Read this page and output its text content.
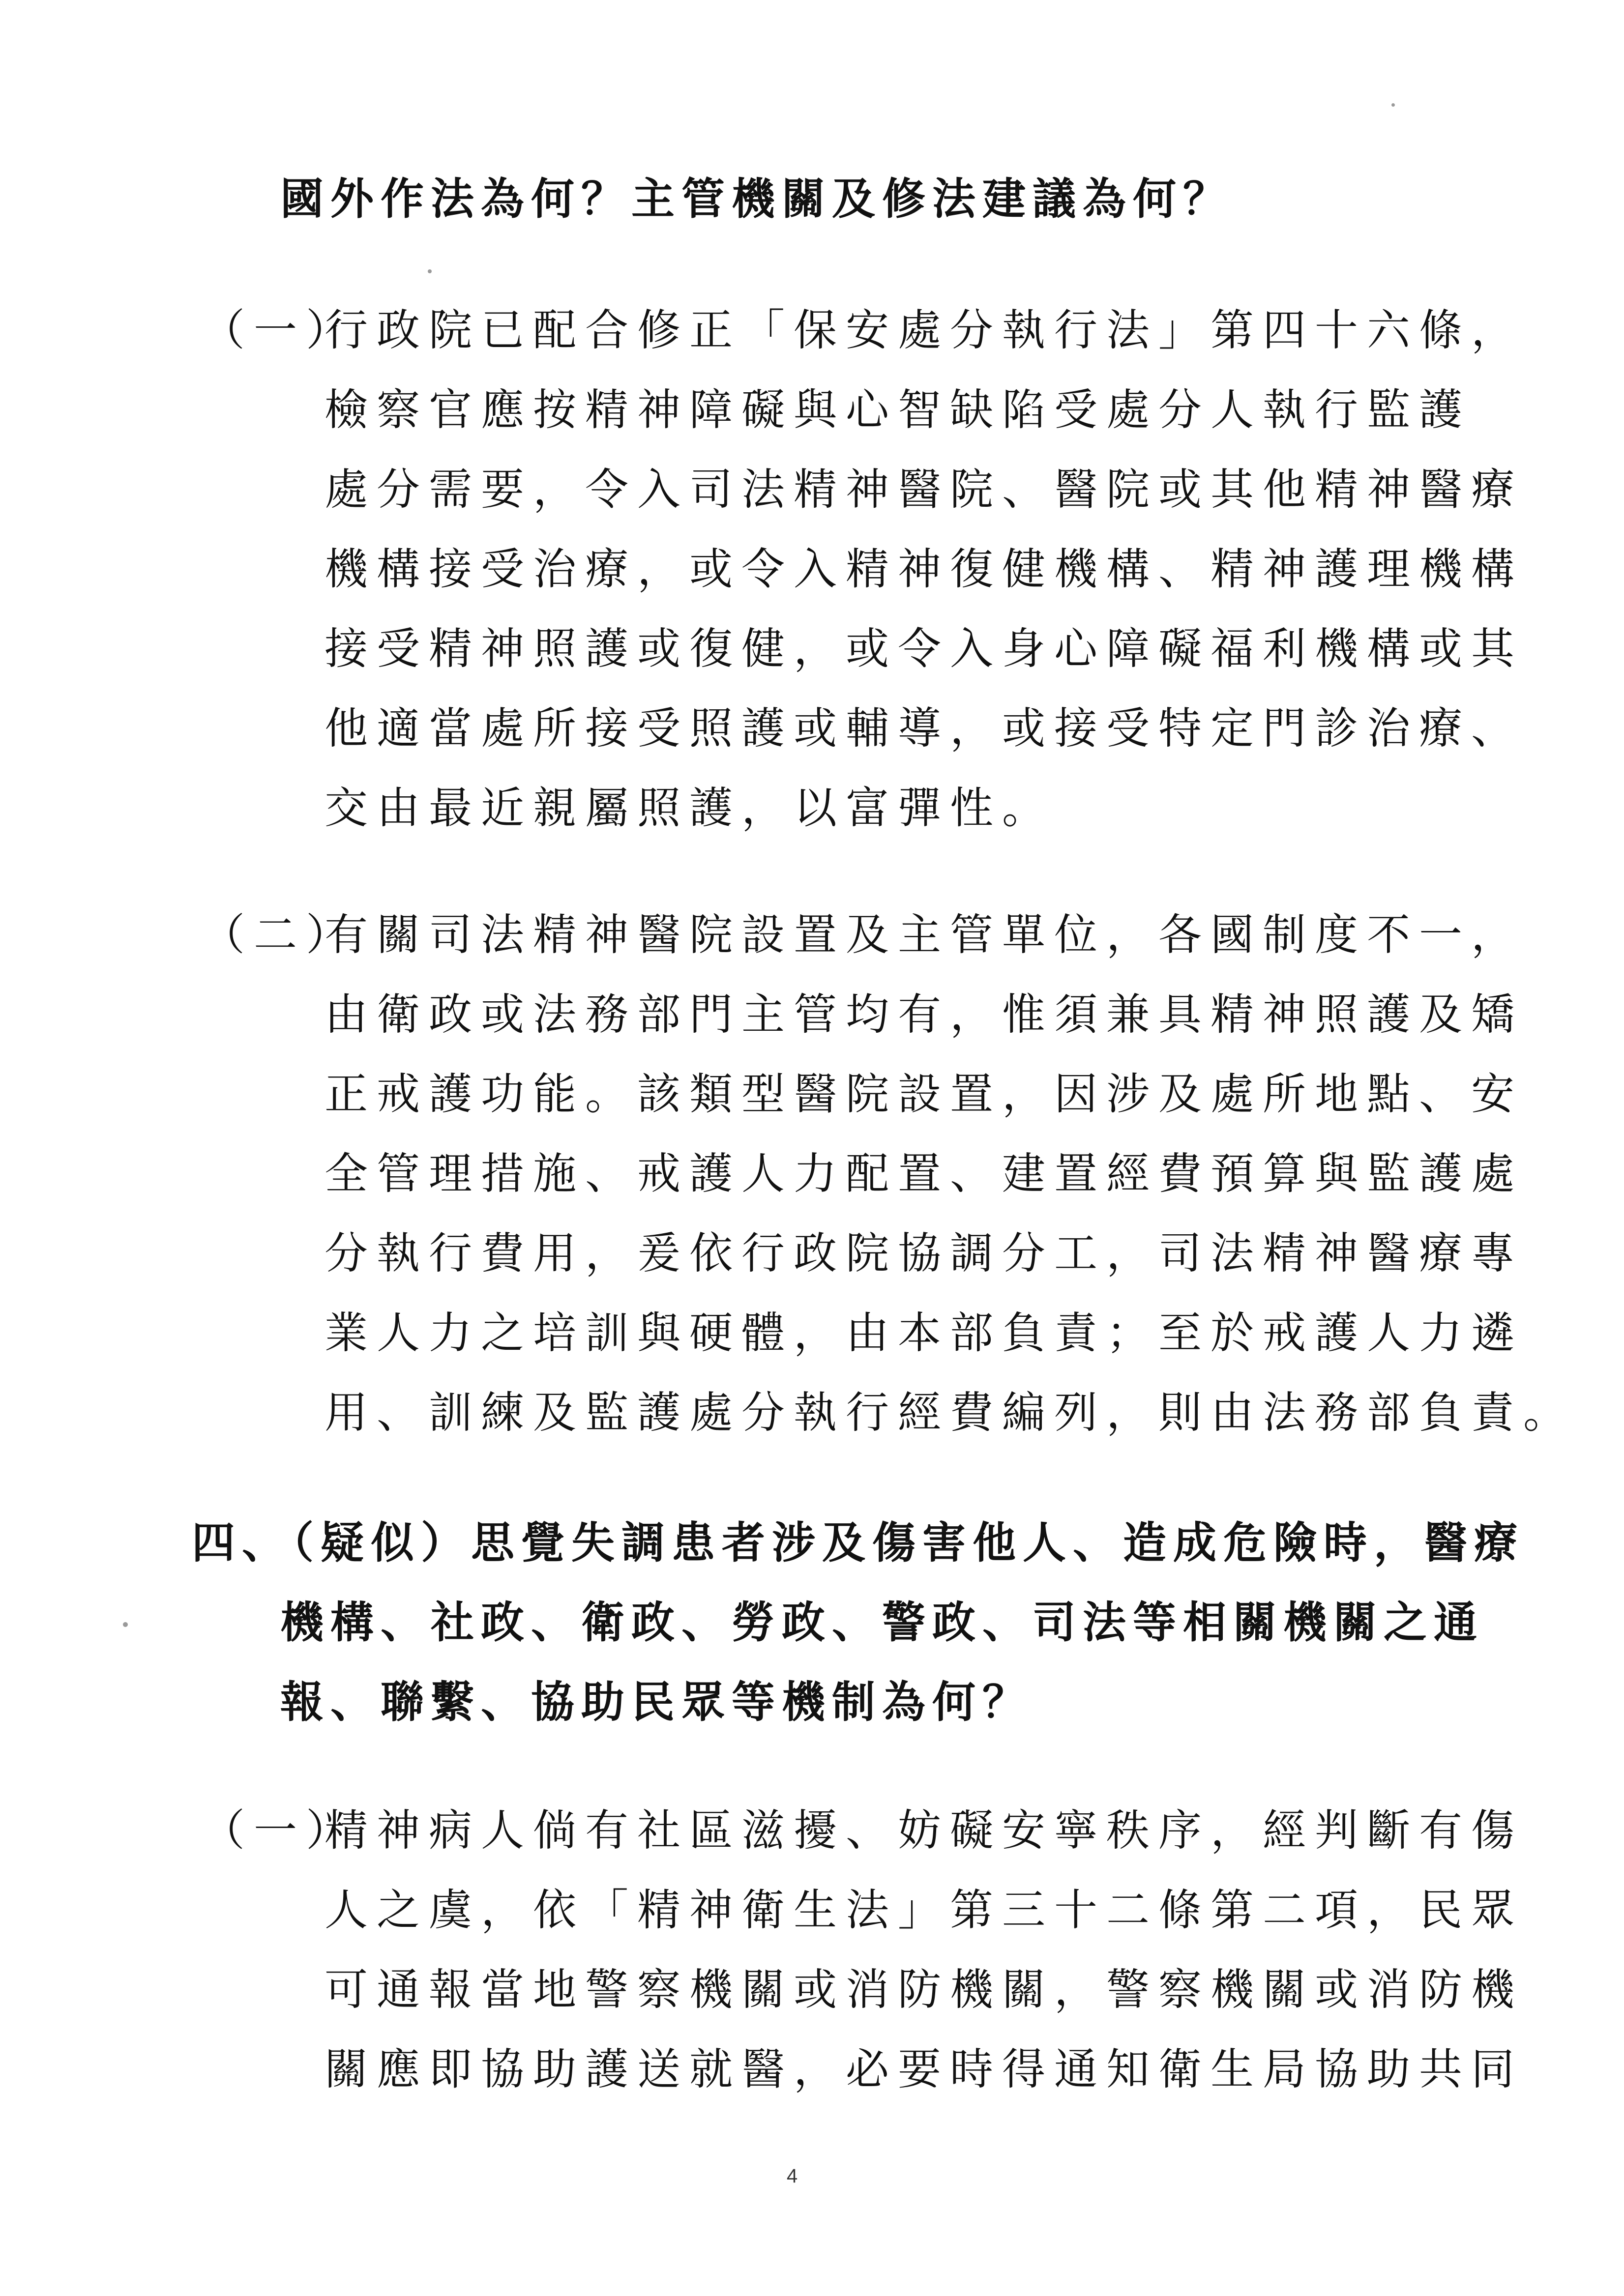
國外作法為何？主管機關及修法建議為何？
（一）
行政院已配合修正「保安處分執行法」第四十六條，
檢察官應按精神障礙與心智缺陷受處分人執行監護
處分需要，令入司法精神醫院、醫院或其他精神醫療
機構接受治療，或令入精神復健機構、精神護理機構
接受精神照護或復健，或令入身心障礙福利機構或其
他適當處所接受照護或輔導，或接受特定門診治療、
交由最近親屬照護，以富彈性。
（二）
有關司法精神醫院設置及主管單位，各國制度不一，
由衛政或法務部門主管均有，惟須兼具精神照護及矯
正戒護功能。該類型醫院設置，因涉及處所地點、安
全管理措施、戒護人力配置、建置經費預算與監護處
分執行費用，爰依行政院協調分工，司法精神醫療專
業人力之培訓與硬體，由本部負責；至於戒護人力遴
用、訓練及監護處分執行經費編列，則由法務部負責。
四、（疑似）思覺失調患者涉及傷害他人、造成危險時，醫療
機構、社政、衛政、勞政、警政、司法等相關機關之通
報、聯繫、協助民眾等機制為何？
（一）
精神病人倘有社區滋擾、妨礙安寧秩序，經判斷有傷
人之虞，依「精神衛生法」第三十二條第二項，民眾
可通報當地警察機關或消防機關，警察機關或消防機
關應即協助護送就醫，必要時得通知衛生局協助共同
4
